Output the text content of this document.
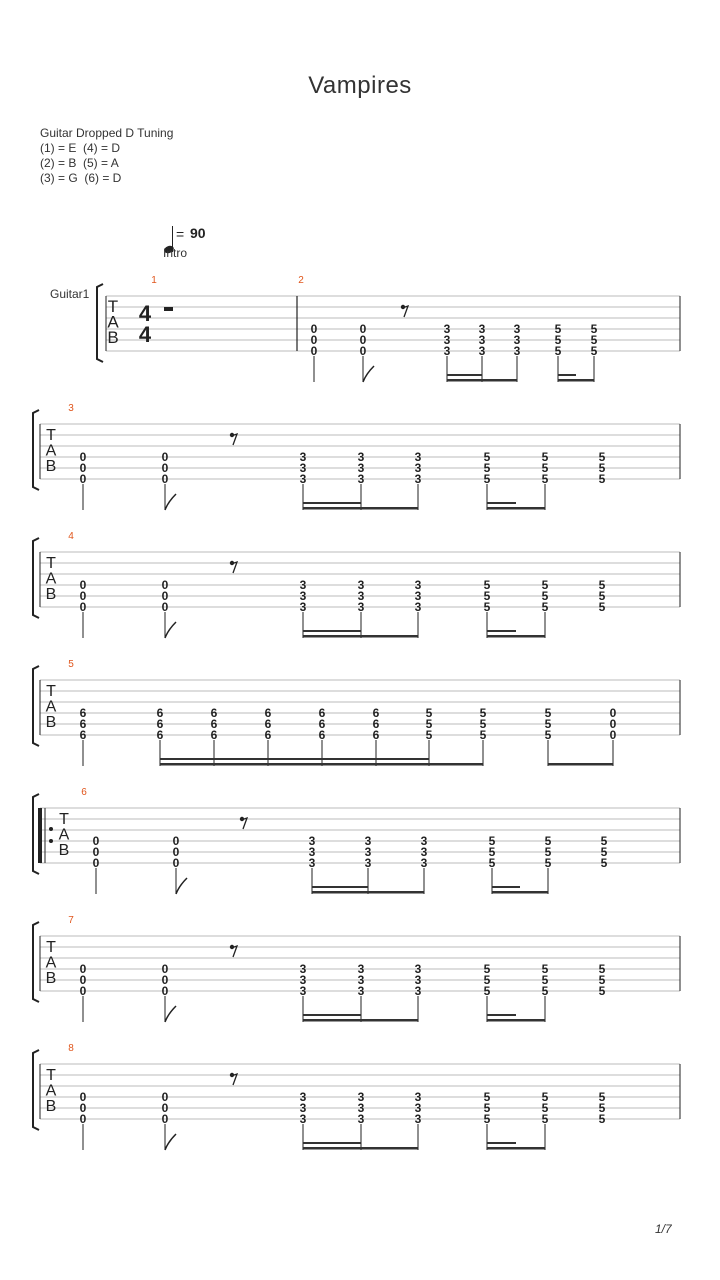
Vampires
Guitar Dropped D Tuning
(1) = E  (4) = D
(2) = B  (5) = A
(3) = G  (6) = D
= 90
Intro
Guitar1
T
A
B
4
4
1	2
0
0
0
0
0
0
3
3
3
3
3
3
3
3
3
5
5
5
5
5
5
T
A
B
3
0
0
0
0
0
0
3
3
3
3
3
3
3
3
3
5
5
5
5
5
5
5
5
5
T
A
B
4
0
0
0
0
0
0
3
3
3
3
3
3
3
3
3
5
5
5
5
5
5
5
5
5
T
A
B
5
6
6
6
6
6
6
6
6
6
6
6
6
6
6
6
6
6
6
5
5
5
5
5
5
5
5
5
0
0
0
T
A
B
6
0
0
0
0
0
0
3
3
3
3
3
3
3
3
3
5
5
5
5
5
5
5
5
5
T
A
B
7
0
0
0
0
0
0
3
3
3
3
3
3
3
3
3
5
5
5
5
5
5
5
5
5
T
A
B
8
0
0
0
0
0
0
3
3
3
3
3
3
3
3
3
5
5
5
5
5
5
5
5
5
1/7
